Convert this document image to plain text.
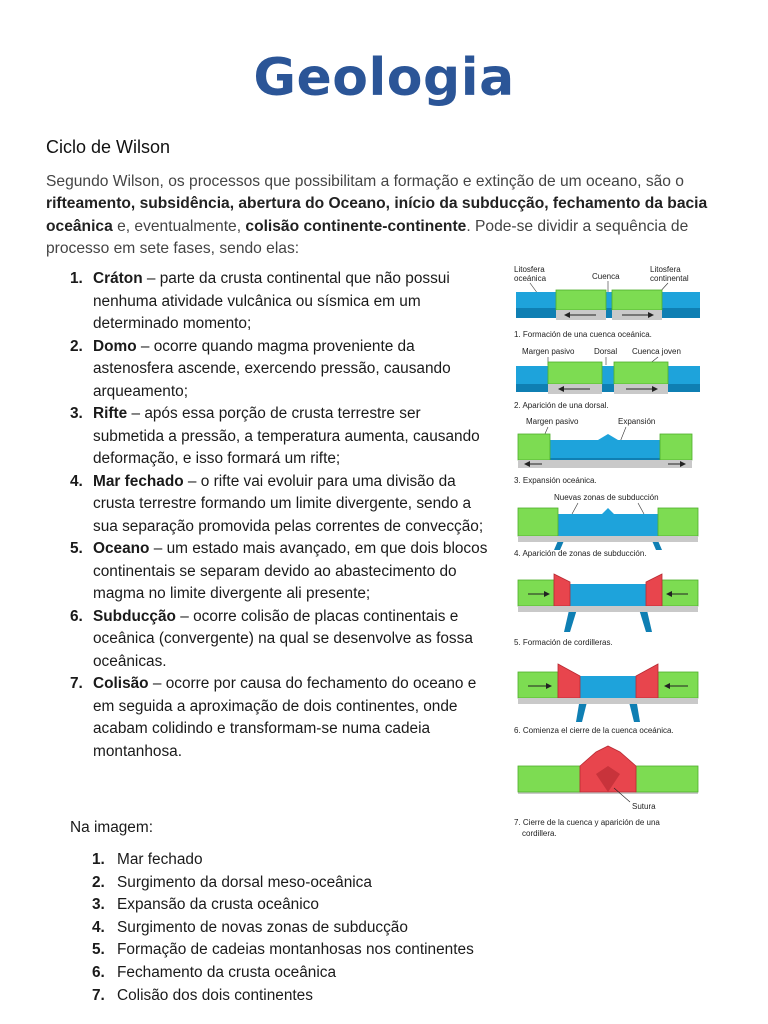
Geologia
Ciclo de Wilson

Segundo Wilson, os processos que possibilitam a formação e extinção de um oceano, são o rifteamento, subsidência, abertura do Oceano, início da subducção, fechamento da bacia oceânica e, eventualmente, colisão continente-continente. Pode-se dividir a sequência de processo em sete fases, sendo elas:

1. Cráton – parte da crusta continental que não possui nenhuma atividade vulcânica ou sísmica em um determinado momento;
2. Domo – ocorre quando magma proveniente da astenosfera ascende, exercendo pressão, causando arqueamento;
3. Rifte – após essa porção de crusta terrestre ser submetida a pressão, a temperatura aumenta, causando deformação, e isso formará um rifte;
4. Mar fechado – o rifte vai evoluir para uma divisão da crusta terrestre formando um limite divergente, sendo a sua separação promovida pelas correntes de convecção;
5. Oceano – um estado mais avançado, em que dois blocos continentais se separam devido ao abastecimento do magma no limite divergente ali presente;
6. Subducção – ocorre colisão de placas continentais e oceânica (convergente) na qual se desenvolve as fossa oceânicas.
7. Colisão – ocorre por causa do fechamento do oceano e em seguida a aproximação de dois continentes, onde acabam colidindo e transformam-se numa cadeia montanhosa.

Na imagem:

1. Mar fechado
2. Surgimento da dorsal meso-oceânica
3. Expansão da crusta oceânico
4. Surgimento de novas zonas de subducção
5. Formação de cadeias montanhosas nos continentes
6. Fechamento da crusta oceânica
7. Colisão dos dois continentes
Litosfera
oceánica	Cuenca
Litosfera
continental
1. Formación de una cuenca oceánica.
Margen pasivo Dorsal Cuenca joven
2. Aparición de una dorsal.
Margen pasivo	Expansión
3. Expansión oceánica.
Nuevas zonas de subducción
4. Aparición de zonas de subducción.
5. Formación de cordilleras.
6. Comienza el cierre de la cuenca oceánica.
Sutura
7. Cierre de la cuenca y aparición de una
cordillera.
